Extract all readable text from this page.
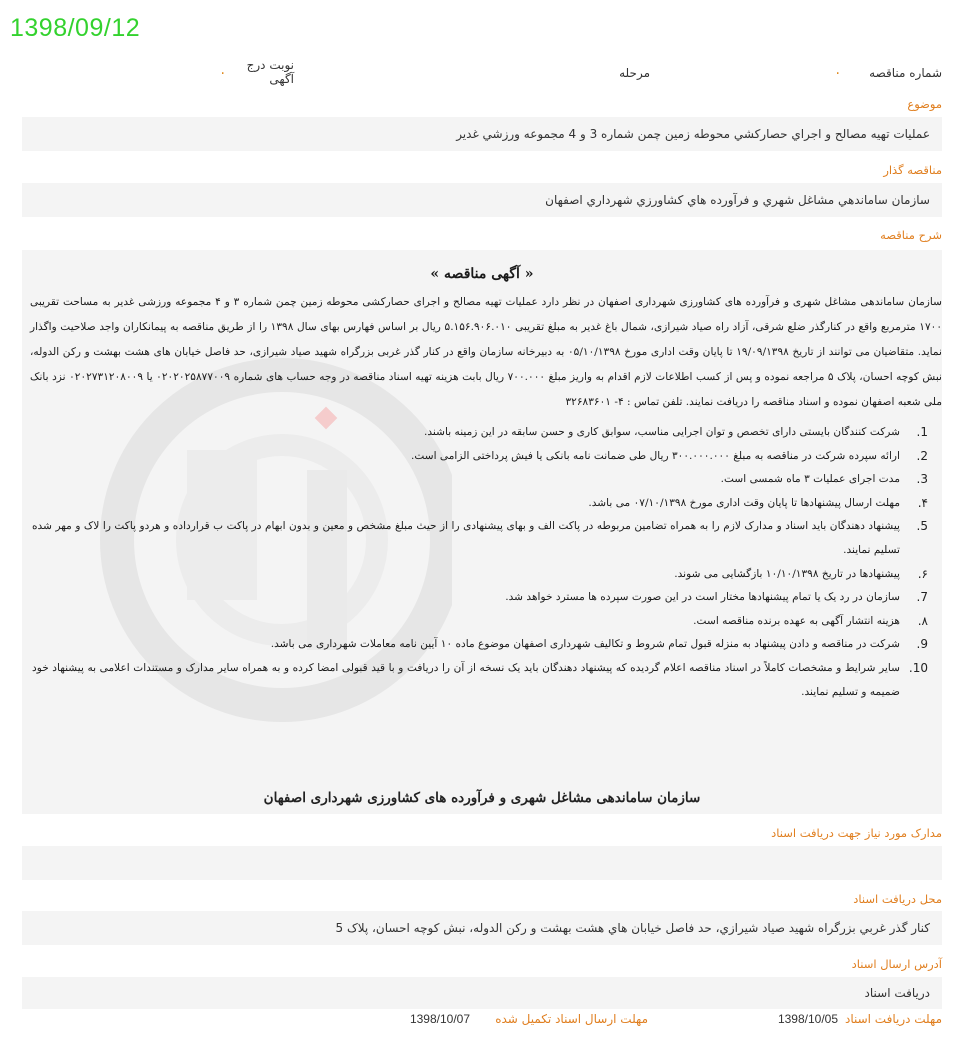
1398/09/12
شماره مناقصه
.
مرحله
نوبت درج
آگهی
.
موضوع
عمليات تهيه مصالح و اجراي حصارکشي محوطه زمين چمن شماره 3 و 4 مجموعه ورزشي غدير
مناقصه گذار
سازمان ساماندهي مشاغل شهري و فرآورده هاي كشاورزي شهرداري اصفهان
شرح مناقصه
« آگهی مناقصه »
سازمان ساماندهی مشاغل شهری و فرآورده های کشاورزی شهرداری اصفهان در نظر دارد عملیات تهیه مصالح و اجرای حصارکشی محوطه زمین چمن شماره ۳ و ۴ مجموعه ورزشی غدیر به مساحت تقریبی ۱۷۰۰ مترمربع واقع در کنارگذر ضلع شرقی، آزاد راه صیاد شیرازی، شمال باغ غدیر به مبلغ تقریبی ۵.۱۵۶.۹۰۶.۰۱۰ ریال بر اساس فهارس بهای سال ۱۳۹۸ را از طریق مناقصه به پیمانکاران واجد صلاحیت واگذار نماید. متقاضیان می توانند از تاریخ ۱۹/۰۹/۱۳۹۸ تا پایان وقت اداری مورخ ۰۵/۱۰/۱۳۹۸ به دبیرخانه سازمان واقع در کنار گذر غربی بزرگراه شهید صیاد شیرازی، حد فاصل خیابان های هشت بهشت و رکن الدوله، نبش کوچه احسان، پلاک ۵ مراجعه نموده و پس از کسب اطلاعات لازم اقدام به واریز مبلغ ۷۰۰.۰۰۰ ریال بابت هزینه تهیه اسناد مناقصه در وجه حساب های شماره ۰۲۰۲۰۲۵۸۷۷۰۰۹ یا ۰۲۰۲۷۳۱۲۰۸۰۰۹ نزد بانک ملی شعبه اصفهان نموده و اسناد مناقصه را دریافت نمایند. تلفن تماس : ۴- ۳۲۶۸۳۶۰۱
1.
شرکت کنندگان بایستی دارای تخصص و توان اجرایی مناسب، سوابق کاری و حسن سابقه در این زمینه باشند.
2.
ارائه سپرده شرکت در مناقصه به مبلغ ۳۰۰.۰۰۰.۰۰۰ ریال طی ضمانت نامه بانکی یا فیش پرداختی الزامی است.
3.
مدت اجرای عملیات ۳ ماه شمسی است.
۴.
مهلت ارسال پیشنهادها تا پایان وقت اداری مورخ ۰۷/۱۰/۱۳۹۸ می باشد.
5.
پیشنهاد دهندگان باید اسناد و مدارک لازم را به همراه تضامین مربوطه در پاکت الف و بهای پیشنهادی را از حیث مبلغ مشخص و معین و بدون ابهام در پاکت ب قرارداده و هردو پاکت را لاک و مهر شده تسلیم نمایند.
۶.
پیشنهادها در تاریخ ۱۰/۱۰/۱۳۹۸ بازگشایی می شوند.
7.
سازمان در رد یک یا تمام پیشنهادها مختار است در این صورت سپرده ها مسترد خواهد شد.
۸.
هزینه انتشار آگهی به عهده برنده مناقصه است.
9.
شرکت در مناقصه و دادن پیشنهاد به منزله قبول تمام شروط و تکالیف شهرداری اصفهان موضوع ماده ۱۰ آیین نامه معاملات شهرداری می باشد.
10.
سایر شرایط و مشخصات کاملاً در اسناد مناقصه اعلام گردیده که پیشنهاد دهندگان باید یک نسخه از آن را دریافت و با قید قبولی امضا کرده و به همراه سایر مدارک و مستندات اعلامی به پیشنهاد خود ضمیمه و تسلیم نمایند.
سازمان ساماندهی مشاغل شهری و فرآورده های کشاورزی شهرداری اصفهان
مدارک مورد نياز جهت دريافت اسناد
محل دريافت اسناد
کنار گذر غربي بزرگراه شهيد صياد شيرازي، حد فاصل خيابان هاي هشت بهشت و رکن الدوله، نبش کوچه احسان، پلاک 5
آدرس ارسال اسناد
دريافت اسناد
مهلت دريافت اسناد
1398/10/05
مهلت ارسال اسناد تكميل شده
1398/10/07
